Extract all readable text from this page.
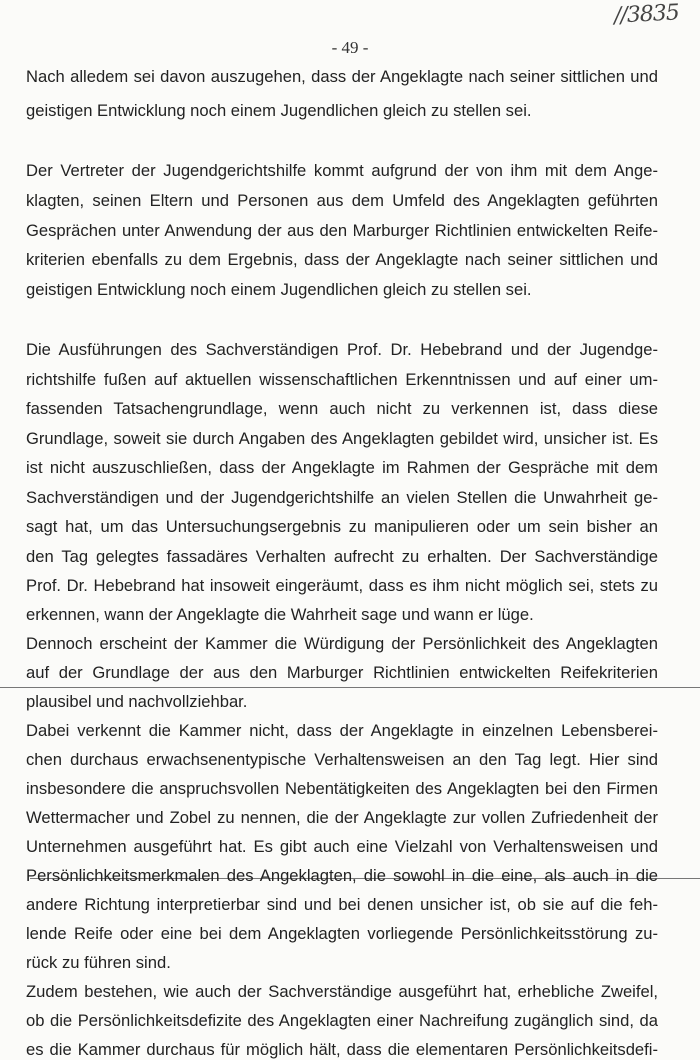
//3835
- 49 -
Nach alledem sei davon auszugehen, dass der Angeklagte nach seiner sittlichen und
geistigen Entwicklung noch einem Jugendlichen gleich zu stellen sei.
Der Vertreter der Jugendgerichtshilfe kommt aufgrund der von ihm mit dem Ange-
klagten, seinen Eltern und Personen aus dem Umfeld des Angeklagten geführten
Gesprächen unter Anwendung der aus den Marburger Richtlinien entwickelten Reife-
kriterien ebenfalls zu dem Ergebnis, dass der Angeklagte nach seiner sittlichen und
geistigen Entwicklung noch einem Jugendlichen gleich zu stellen sei.
Die Ausführungen des Sachverständigen Prof. Dr. Hebebrand und der Jugendge-
richtshilfe fußen auf aktuellen wissenschaftlichen Erkenntnissen und auf einer um-
fassenden Tatsachengrundlage, wenn auch nicht zu verkennen ist, dass diese
Grundlage, soweit sie durch Angaben des Angeklagten gebildet wird, unsicher ist. Es
ist nicht auszuschließen, dass der Angeklagte im Rahmen der Gespräche mit dem
Sachverständigen und der Jugendgerichtshilfe an vielen Stellen die Unwahrheit ge-
sagt hat, um das Untersuchungsergebnis zu manipulieren oder um sein bisher an
den Tag gelegtes fassadäres Verhalten aufrecht zu erhalten. Der Sachverständige
Prof. Dr. Hebebrand hat insoweit eingeräumt, dass es ihm nicht möglich sei, stets zu
erkennen, wann der Angeklagte die Wahrheit sage und wann er lüge.
Dennoch erscheint der Kammer die Würdigung der Persönlichkeit des Angeklagten
auf der Grundlage der aus den Marburger Richtlinien entwickelten Reifekriterien
plausibel und nachvollziehbar.
Dabei verkennt die Kammer nicht, dass der Angeklagte in einzelnen Lebensberei-
chen durchaus erwachsenentypische Verhaltensweisen an den Tag legt. Hier sind
insbesondere die anspruchsvollen Nebentätigkeiten des Angeklagten bei den Firmen
Wettermacher und Zobel zu nennen, die der Angeklagte zur vollen Zufriedenheit der
Unternehmen ausgeführt hat. Es gibt auch eine Vielzahl von Verhaltensweisen und
Persönlichkeitsmerkmalen des Angeklagten, die sowohl in die eine, als auch in die
andere Richtung interpretierbar sind und bei denen unsicher ist, ob sie auf die feh-
lende Reife oder eine bei dem Angeklagten vorliegende Persönlichkeitsstörung zu-
rück zu führen sind.
Zudem bestehen, wie auch der Sachverständige ausgeführt hat, erhebliche Zweifel,
ob die Persönlichkeitsdefizite des Angeklagten einer Nachreifung zugänglich sind, da
es die Kammer durchaus für möglich hält, dass die elementaren Persönlichkeitsdefi-
